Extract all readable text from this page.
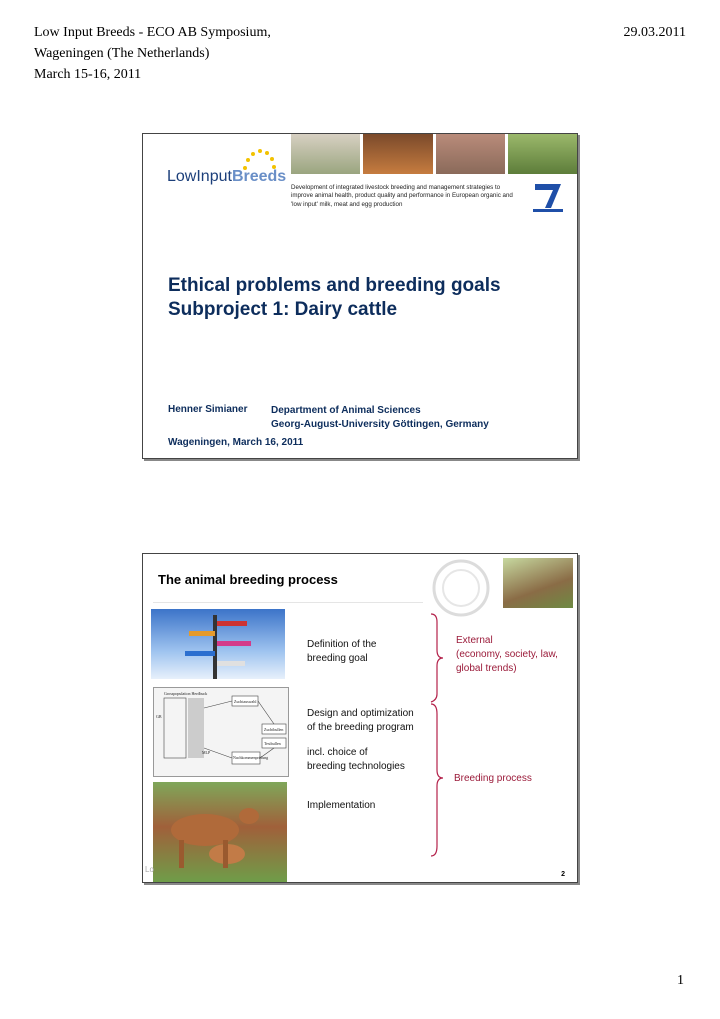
Low Input Breeds - ECO AB Symposium,
Wageningen (The Netherlands)
March 15-16, 2011
29.03.2011
LowInputBreeds
Development of integrated livestock breeding and management strategies to improve animal health, product quality and performance in European organic and 'low input' milk, meat and egg production
Ethical problems and breeding goals
Subproject 1: Dairy cattle
Henner Simianer Department of Animal Sciences
Georg-August-University Göttingen, Germany
Wageningen, March 16, 2011
The animal breeding process
Grosspopulation Herdbuck
Zuchtauswahl
Zuchtbullen
Testbullen
Nachkommenprüfung
GB
MLP
Definition of the
breeding goal
Design and optimization
of the breeding program
incl. choice of
breeding technologies
Implementation
External
(economy, society, law,
global trends)
Breeding process
Lo
2
1
